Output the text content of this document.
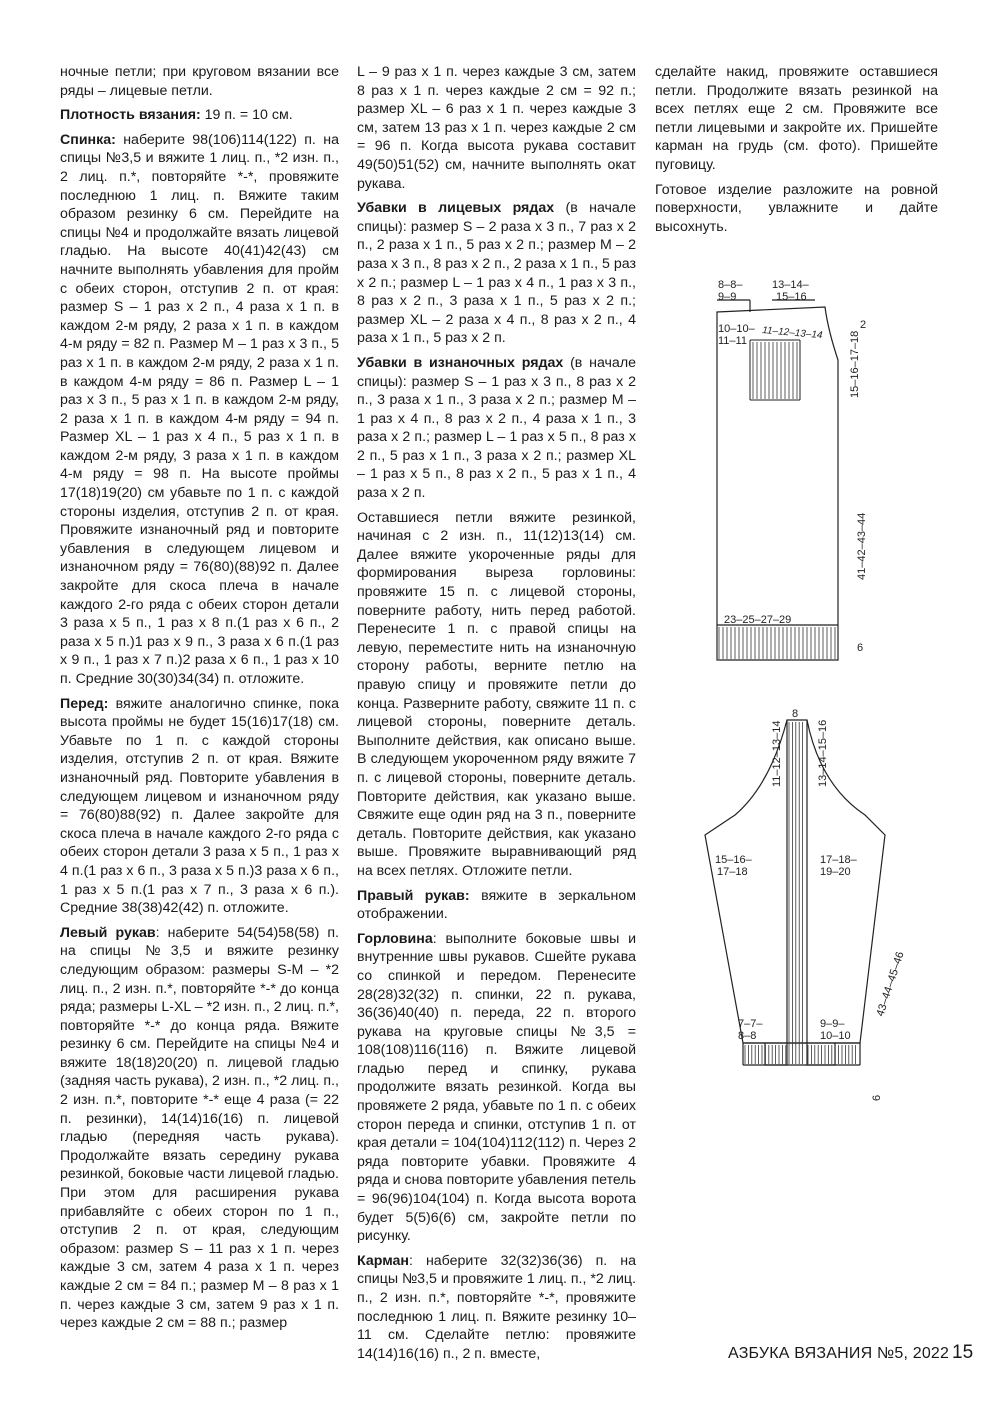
ночные петли; при круговом вязании все ряды – лицевые петли.

Плотность вязания: 19 п. = 10 см.

Спинка: наберите 98(106)114(122) п. на спицы №3,5 и вяжите 1 лиц. п., *2 изн. п., 2 лиц. п.*, повторяйте *-*, провяжите последнюю 1 лиц. п. Вяжите таким образом резинку 6 см. Перейдите на спицы №4 и продолжайте вязать лицевой гладью. На высоте 40(41)42(43) см начните выполнять убавления для пройм с обеих сторон, отступив 2 п. от края: размер S – 1 раз х 2 п., 4 раза х 1 п. в каждом 2-м ряду, 2 раза х 1 п. в каждом 4-м ряду = 82 п. Размер М – 1 раз х 3 п., 5 раз х 1 п. в каждом 2-м ряду, 2 раза х 1 п. в каждом 4-м ряду = 86 п. Размер L – 1 раз х 3 п., 5 раз х 1 п. в каждом 2-м ряду, 2 раза х 1 п. в каждом 4-м ряду = 94 п. Размер XL – 1 раз х 4 п., 5 раз х 1 п. в каждом 2-м ряду, 3 раза х 1 п. в каждом 4-м ряду = 98 п. На высоте проймы 17(18)19(20) см убавьте по 1 п. с каждой стороны изделия, отступив 2 п. от края. Провяжите изнаночный ряд и повторите убавления в следующем лицевом и изнаночном ряду = 76(80)(88)92 п. Далее закройте для скоса плеча в начале каждого 2-го ряда с обеих сторон детали 3 раза х 5 п., 1 раз х 8 п.(1 раз х 6 п., 2 раза х 5 п.)1 раз х 9 п., 3 раза х 6 п.(1 раз х 9 п., 1 раз х 7 п.)2 раза х 6 п., 1 раз х 10 п. Средние 30(30)34(34) п. отложите.

Перед: вяжите аналогично спинке, пока высота проймы не будет 15(16)17(18) см. Убавьте по 1 п. с каждой стороны изделия, отступив 2 п. от края. Вяжите изнаночный ряд. Повторите убавления в следующем лицевом и изнаночном ряду = 76(80)88(92) п. Далее закройте для скоса плеча в начале каждого 2-го ряда с обеих сторон детали 3 раза х 5 п., 1 раз х 4 п.(1 раз х 6 п., 3 раза х 5 п.)3 раза х 6 п., 1 раз х 5 п.(1 раз х 7 п., 3 раза х 6 п.). Средние 38(38)42(42) п. отложите.

Левый рукав: наберите 54(54)58(58) п. на спицы №3,5 и вяжите резинку следующим образом: размеры S-M – *2 лиц. п., 2 изн. п.*, повторяйте *-* до конца ряда; размеры L-XL – *2 изн. п., 2 лиц. п.*, повторяйте *-* до конца ряда. Вяжите резинку 6 см. Перейдите на спицы №4 и вяжите 18(18)20(20) п. лицевой гладью (задняя часть рукава), 2 изн. п., *2 лиц. п., 2 изн. п.*, повторите *-* еще 4 раза (= 22 п. резинки), 14(14)16(16) п. лицевой гладью (передняя часть рукава). Продолжайте вязать середину рукава резинкой, боковые части лицевой гладью. При этом для расширения рукава прибавляйте с обеих сторон по 1 п., отступив 2 п. от края, следующим образом: размер S – 11 раз х 1 п. через каждые 3 см, затем 4 раза х 1 п. через каждые 2 см = 84 п.; размер М – 8 раз х 1 п. через каждые 3 см, затем 9 раз х 1 п. через каждые 2 см = 88 п.; размер

L – 9 раз х 1 п. через каждые 3 см, затем 8 раз х 1 п. через каждые 2 см = 92 п.; размер XL – 6 раз х 1 п. через каждые 3 см, затем 13 раз х 1 п. через каждые 2 см = 96 п. Когда высота рукава составит 49(50)51(52) см, начните выполнять окат рукава.

Убавки в лицевых рядах (в начале спицы): размер S – 2 раза х 3 п., 7 раз х 2 п., 2 раза х 1 п., 5 раз х 2 п.; размер М – 2 раза х 3 п., 8 раз х 2 п., 2 раза х 1 п., 5 раз х 2 п.; размер L – 1 раз х 4 п., 1 раз х 3 п., 8 раз х 2 п., 3 раза х 1 п., 5 раз х 2 п.; размер XL – 2 раза х 4 п., 8 раз х 2 п., 4 раза х 1 п., 5 раз х 2 п.

Убавки в изнаночных рядах (в начале спицы): размер S – 1 раз х 3 п., 8 раз х 2 п., 3 раза х 1 п., 3 раза х 2 п.; размер М – 1 раз х 4 п., 8 раз х 2 п., 4 раза х 1 п., 3 раза х 2 п.; размер L – 1 раз х 5 п., 8 раз х 2 п., 5 раз х 1 п., 3 раза х 2 п.; размер XL – 1 раз х 5 п., 8 раз х 2 п., 5 раз х 1 п., 4 раза х 2 п.

Оставшиеся петли вяжите резинкой, начиная с 2 изн. п., 11(12)13(14) см. Далее вяжите укороченные ряды для формирования выреза горловины: провяжите 15 п. с лицевой стороны, поверните работу, нить перед работой. Перенесите 1 п. с правой спицы на левую, переместите нить на изнаночную сторону работы, верните петлю на правую спицу и провяжите петли до конца. Разверните работу, свяжите 11 п. с лицевой стороны, поверните деталь. Выполните действия, как описано выше. В следующем укороченном ряду вяжите 7 п. с лицевой стороны, поверните деталь. Повторите действия, как указано выше. Свяжите еще один ряд на 3 п., поверните деталь. Повторите действия, как указано выше. Провяжите выравнивающий ряд на всех петлях. Отложите петли.

Правый рукав: вяжите в зеркальном отображении.

Горловина: выполните боковые швы и внутренние швы рукавов. Сшейте рукава со спинкой и передом. Перенесите 28(28)32(32) п. спинки, 22 п. рукава, 36(36)40(40) п. переда, 22 п. второго рукава на круговые спицы №3,5 = 108(108)116(116) п. Вяжите лицевой гладью перед и спинку, рукава продолжите вязать резинкой. Когда вы провяжете 2 ряда, убавьте по 1 п. с обеих сторон переда и спинки, отступив 1 п. от края детали = 104(104)112(112) п. Через 2 ряда повторите убавки. Провяжите 4 ряда и снова повторите убавления петель = 96(96)104(104) п. Когда высота ворота будет 5(5)6(6) см, закройте петли по рисунку.

Карман: наберите 32(32)36(36) п. на спицы №3,5 и провяжите 1 лиц. п., *2 лиц. п., 2 изн. п.*, повторяйте *-*, провяжите последнюю 1 лиц. п. Вяжите резинку 10–11 см. Сделайте петлю: провяжите 14(14)16(16) п., 2 п. вместе,

сделайте накид, провяжите оставшиеся петли. Продолжите вязать резинкой на всех петлях еще 2 см. Провяжите все петли лицевыми и закройте их. Пришейте карман на грудь (см. фото). Пришейте пуговицу.

Готовое изделие разложите на ровной поверхности, увлажните и дайте высохнуть.

8–8–
9–9
13–14–
15–16
10–10–
11–11 11–12–13–14
2
15–16–17–18
41–42–43–44
23–25–27–29
6
8
11–12–13–14	13–14–15–16
15–16–
17–18
17–18–
19–20
43–44–45–46
7–7–
8–8
9–9–
10–10
6
АЗБУКА ВЯЗАНИЯ №5, 2022 15
